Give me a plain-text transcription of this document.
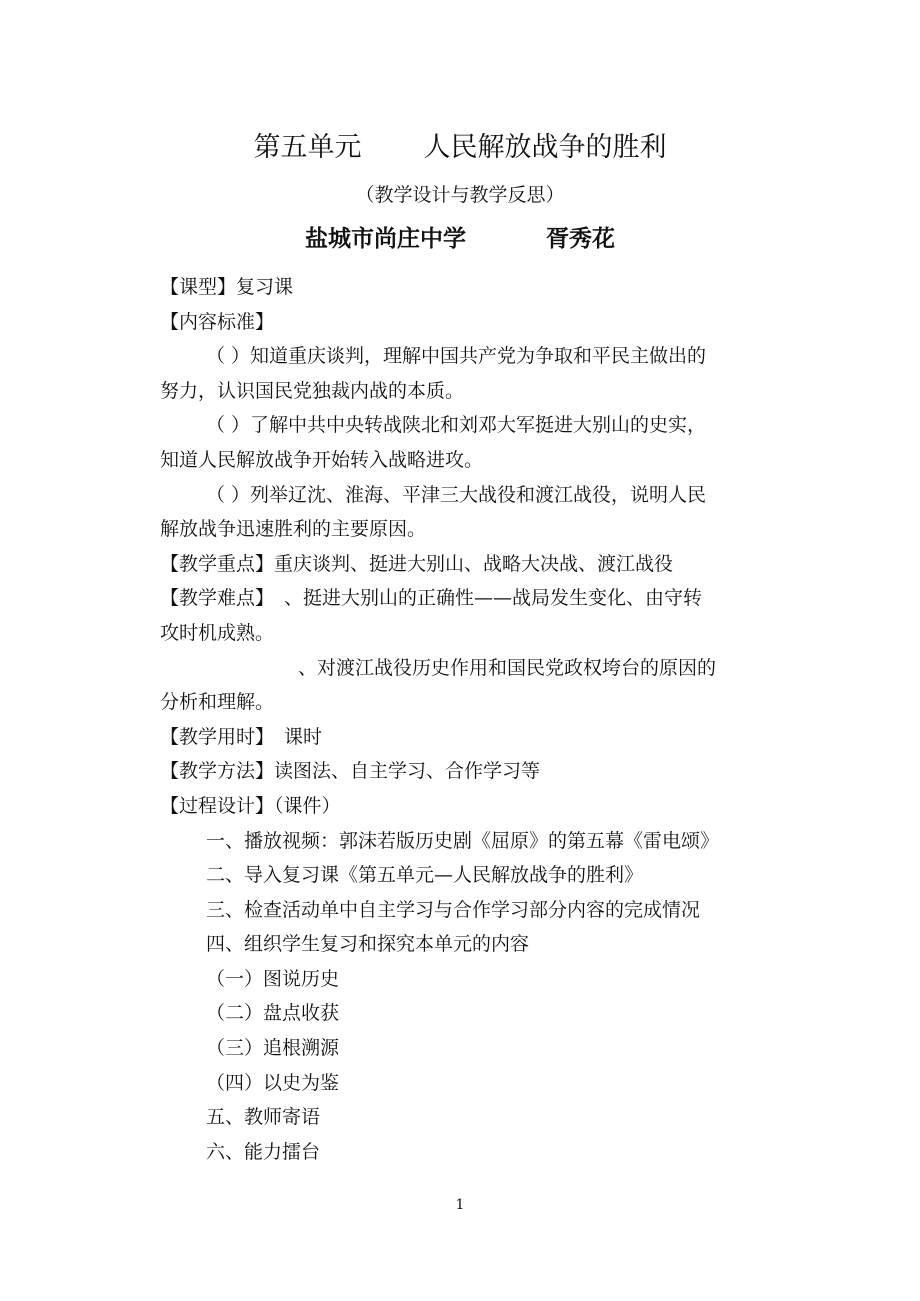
第五单元 人民解放战争的胜利
（教学设计与教学反思）
盐城市尚庄中学	胥秀花
【课型】复习课
【内容标准】
（ ）知道重庆谈判，理解中国共产党为争取和平民主做出的
努力，认识国民党独裁内战的本质。
（ ）了解中共中央转战陕北和刘邓大军挺进大别山的史实，
知道人民解放战争开始转入战略进攻。
（ ）列举辽沈、淮海、平津三大战役和渡江战役，说明人民
解放战争迅速胜利的主要原因。
【教学重点】重庆谈判、挺进大别山、战略大决战、渡江战役
【教学难点】 、挺进大别山的正确性——战局发生变化、由守转
攻时机成熟。
、对渡江战役历史作用和国民党政权垮台的原因的
分析和理解。
【教学用时】 课时
【教学方法】读图法、自主学习、合作学习等
【过程设计】（课件）
一、播放视频：郭沫若版历史剧《屈原》的第五幕《雷电颂》
二、导入复习课《第五单元—人民解放战争的胜利》
三、检查活动单中自主学习与合作学习部分内容的完成情况
四、组织学生复习和探究本单元的内容
（一）图说历史
（二）盘点收获
（三）追根溯源
（四）以史为鉴
五、教师寄语
六、能力擂台
1
